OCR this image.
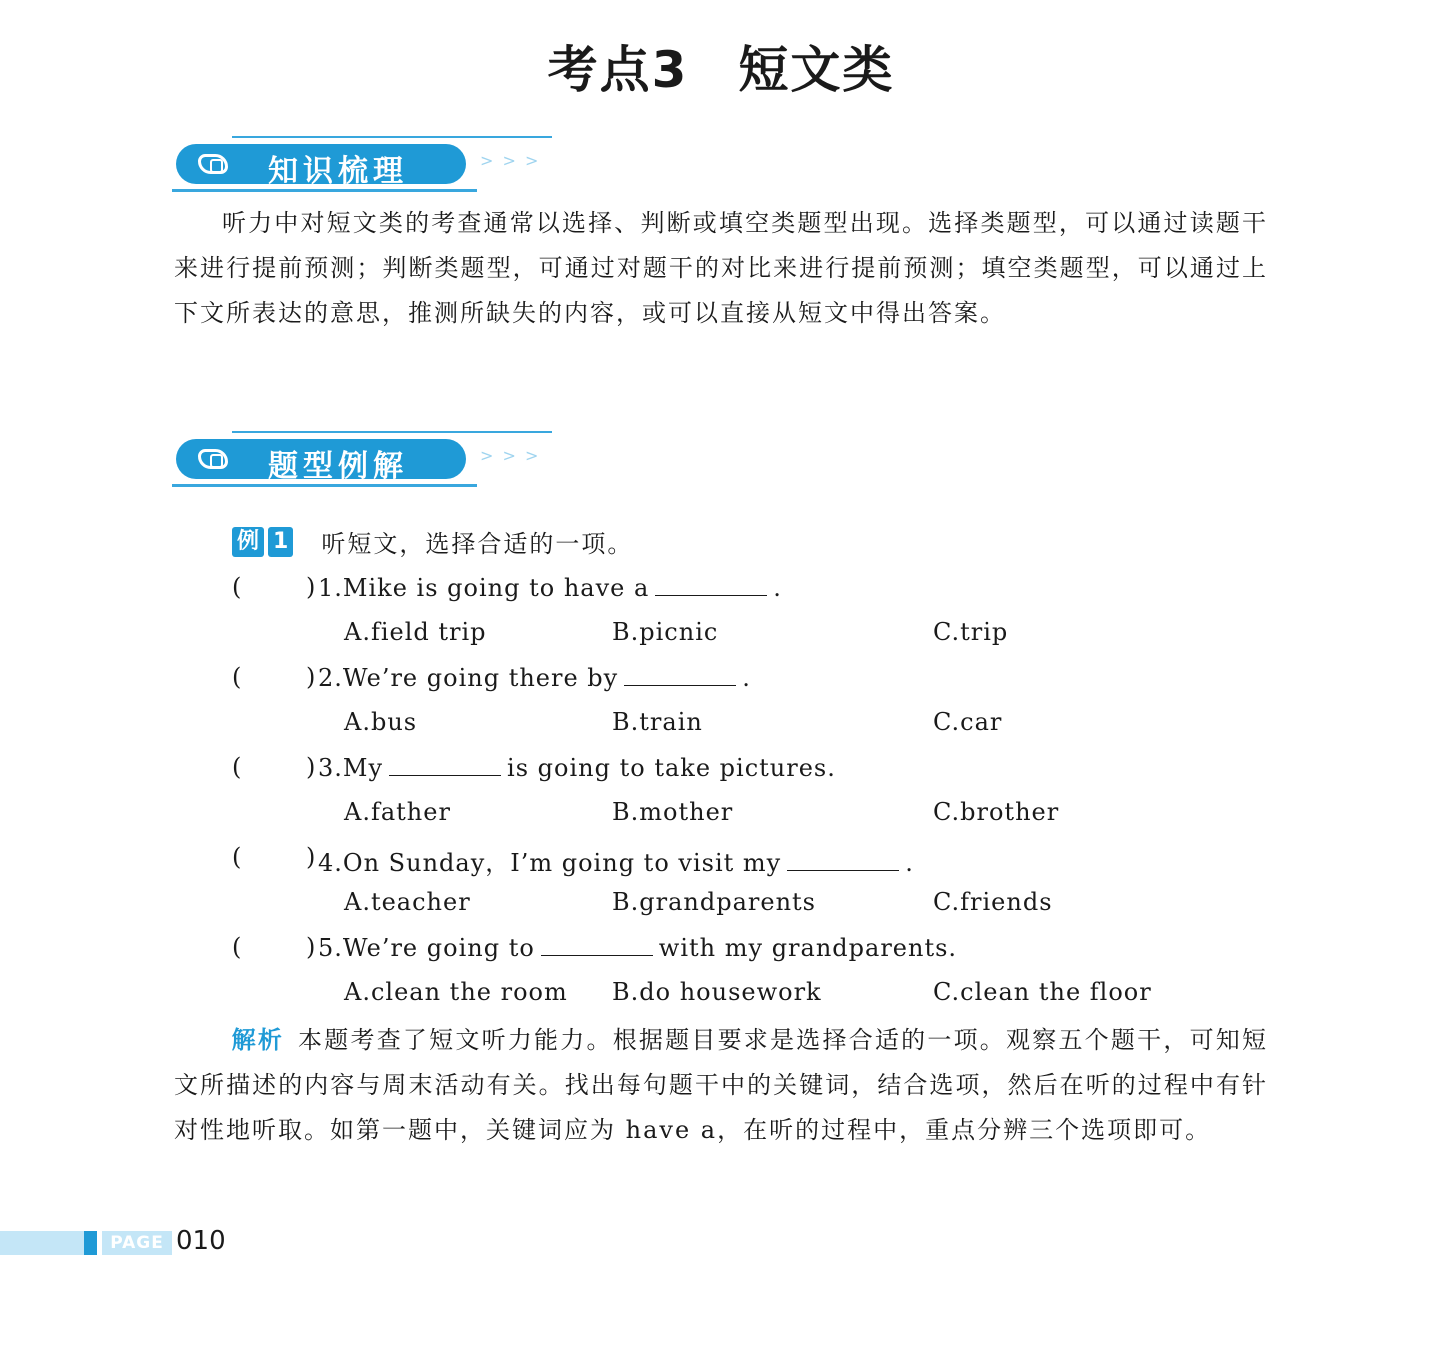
考点3 短文类
知识梳理	> > >

听力中对短文类的考查通常以选择、判断或填空类题型出现。选择类题型，可以通过读题干来进行提前预测；判断类题型，可通过对题干的对比来进行提前预测；填空类题型，可以通过上下文所表达的意思，推测所缺失的内容，或可以直接从短文中得出答案。

题型例解	> > >
例 1 听短文，选择合适的一项。
(	) 1.Mike is going to have a	.
A.field trip	B.picnic	C.trip
(	) 2.We’re going there by	.
A.bus	B.train	C.car
(	) 3.My	is going to take pictures.
A.father	B.mother	C.brother
(	) 4.On Sunday，I’m going to visit my	.
A.teacher	B.grandparents	C.friends
(	) 5.We’re going to	with my grandparents.
A.clean the room B.do housework	C.clean the floor

解析 本题考查了短文听力能力。根据题目要求是选择合适的一项。观察五个题干，可知短文所描述的内容与周末活动有关。找出每句题干中的关键词，结合选项，然后在听的过程中有针对性地听取。如第一题中，关键词应为 have a，在听的过程中，重点分辨三个选项即可。

PAGE 010
